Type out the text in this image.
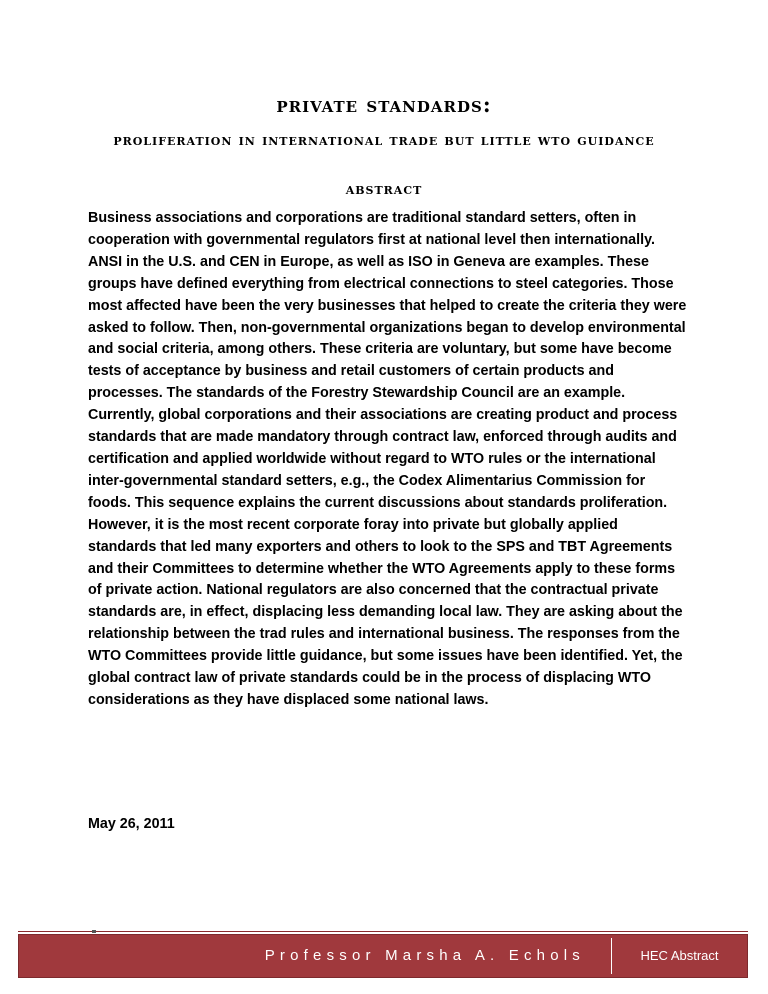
private standards:
proliferation in international trade but little wto guidance
abstract

Business associations and corporations are traditional standard setters, often in cooperation with governmental regulators first at national level then internationally. ANSI in the U.S. and CEN in Europe, as well as ISO in Geneva are examples. These groups have defined everything from electrical connections to steel categories. Those most affected have been the very businesses that helped to create the criteria they were asked to follow. Then, non-governmental organizations began to develop environmental and social criteria, among others. These criteria are voluntary, but some have become tests of acceptance by business and retail customers of certain products and processes. The standards of the Forestry Stewardship Council are an example. Currently, global corporations and their associations are creating product and process standards that are made mandatory through contract law, enforced through audits and certification and applied worldwide without regard to WTO rules or the international inter-governmental standard setters, e.g., the Codex Alimentarius Commission for foods. This sequence explains the current discussions about standards proliferation. However, it is the most recent corporate foray into private but globally applied standards that led many exporters and others to look to the SPS and TBT Agreements and their Committees to determine whether the WTO Agreements apply to these forms of private action. National regulators are also concerned that the contractual private standards are, in effect, displacing less demanding local law. They are asking about the relationship between the trad rules and international business. The responses from the WTO Committees provide little guidance, but some issues have been identified. Yet, the global contract law of private standards could be in the process of displacing WTO considerations as they have displaced some national laws.

May 26, 2011
Professor Marsha A. Echols	HEC Abstract
